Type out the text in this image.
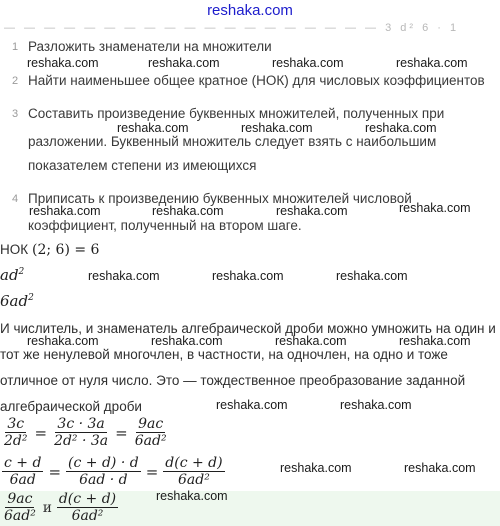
reshaka.com
— — — — — — — — — — — — — — — — — — — 3 d² 6 · 1
1 Разложить знаменатели на множители
2 Найти наименьшее общее кратное (НОК) для числовых коэффициентов
3 Составить произведение буквенных множителей, полученных при
разложении. Буквенный множитель следует взять с наибольшим
показателем степени из имеющихся
4 Приписать к произведению буквенных множителей числовой
коэффициент, полученный на втором шаге.
НОК (2; 6) = 6
$ad^2$
$6ad^2$
И числитель, и знаменатель алгебраической дроби можно умножить на один и
тот же ненулевой многочлен, в частности, на одночлен, на одно и тоже
отличное от нуля число. Это — тождественное преобразование заданной
алгебраической дроби
$\frac{3c}{\text{2d²}} = \frac{3c \cdot 3a}{\text{2d² · 3a}} = \frac{9ac}{\text{6ad²}}$
$\frac{c + d}{6ad} = \frac{(c + d) \cdot d}{6ad \cdot d} = \frac{d(c + d)}{\text{6ad²}}$
$\frac{9ac}{\text{6ad²}}$ и $\frac{d(c + d)}{\text{6ad²}}$
reshaka.com	reshaka.com	reshaka.com	reshaka.com
reshaka.com	reshaka.com	reshaka.com
reshaka.com
reshaka.com	reshaka.com	reshaka.com
reshaka.com	reshaka.com	reshaka.com
reshaka.com	reshaka.com	reshaka.com	reshaka.com
reshaka.com	reshaka.com
reshaka.com	reshaka.com
reshaka.com
